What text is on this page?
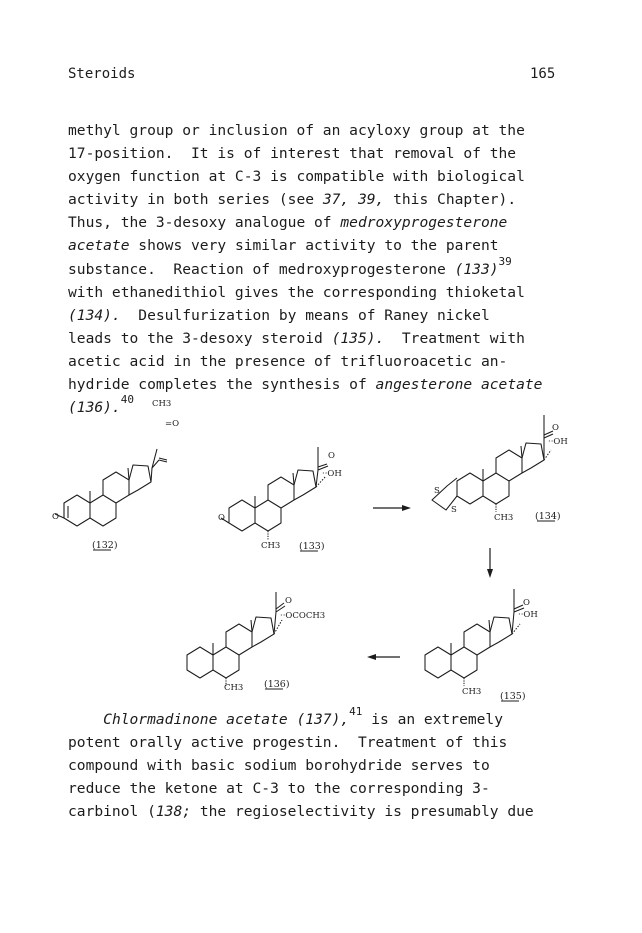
Steroids	165
methyl group or inclusion of an acyloxy group at the
17-position.  It is of interest that removal of the
oxygen function at C-3 is compatible with biological
activity in both series (see 37, 39, this Chapter).
Thus, the 3-desoxy analogue of medroxyprogesterone
acetate shows very similar activity to the parent
substance.  Reaction of medroxyprogesterone $(133)^{39}$
with ethanedithiol gives the corresponding thioketal
(134).  Desulfurization by means of Raney nickel
leads to the 3-desoxy steroid (135).  Treatment with
acetic acid in the presence of trifluoroacetic an-
hydride completes the synthesis of angesterone acetate
(136).$^{40}$	CH3
=O
O
(132)
O
··OH
O
CH3 (133)
O
··OH
S
S
CH3 (134)
O
··OH
CH3 (135)
O
··OCOCH3
CH3 (136)
Chlormadinone acetate (137),$^{41}$ is an extremely
potent orally active progestin.  Treatment of this
compound with basic sodium borohydride serves to
reduce the ketone at C-3 to the corresponding 3-
carbinol (138; the regioselectivity is presumably due
